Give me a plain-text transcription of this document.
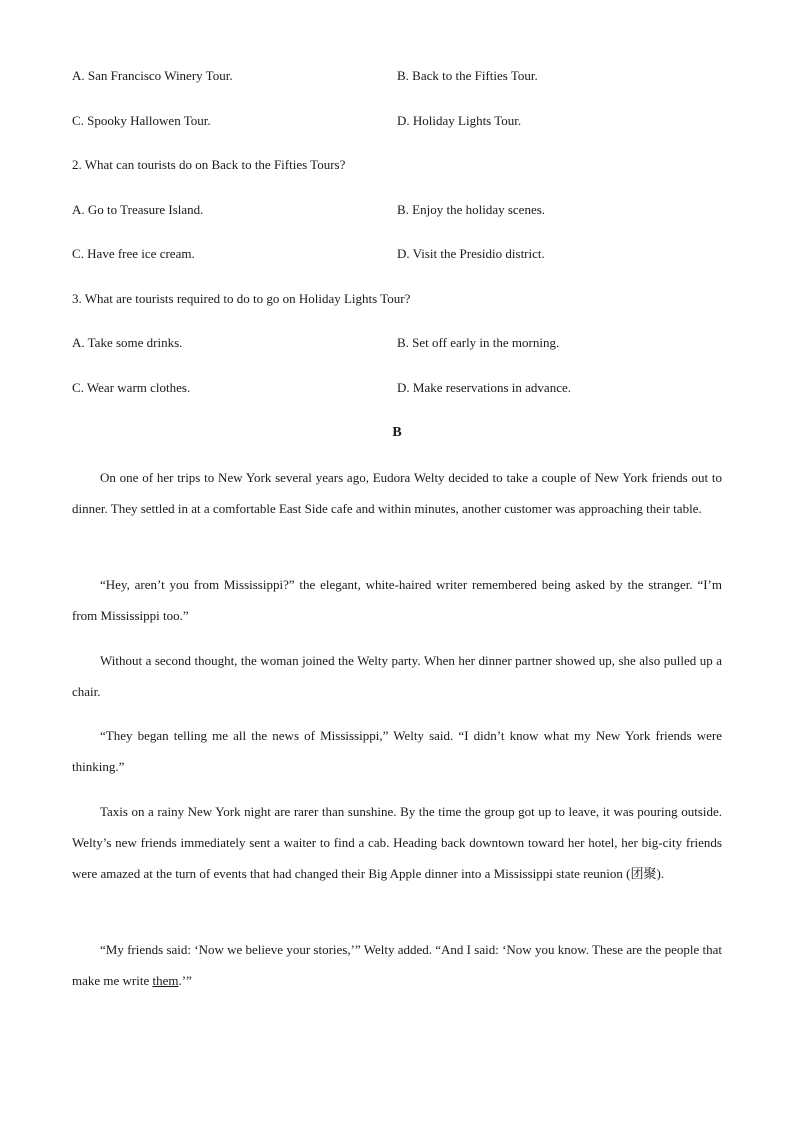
A. San Francisco Winery Tour.	B. Back to the Fifties Tour.
C. Spooky Hallowen Tour.	D. Holiday Lights Tour.
2. What can tourists do on Back to the Fifties Tours?
A. Go to Treasure Island.	B. Enjoy the holiday scenes.
C. Have free ice cream.	D. Visit the Presidio district.
3. What are tourists required to do to go on Holiday Lights Tour?
A. Take some drinks.	B. Set off early in the morning.
C. Wear warm clothes.	D. Make reservations in advance.
B
On one of her trips to New York several years ago, Eudora Welty decided to take a couple of New York friends out to dinner. They settled in at a comfortable East Side cafe and within minutes, another customer was approaching their table.
“Hey, aren’t you from Mississippi?” the elegant, white-haired writer remembered being asked by the stranger. “I’m from Mississippi too.”
Without a second thought, the woman joined the Welty party. When her dinner partner showed up, she also pulled up a chair.
“They began telling me all the news of Mississippi,” Welty said. “I didn’t know what my New York friends were thinking.”
Taxis on a rainy New York night are rarer than sunshine. By the time the group got up to leave, it was pouring outside. Welty’s new friends immediately sent a waiter to find a cab. Heading back downtown toward her hotel, her big-city friends were amazed at the turn of events that had changed their Big Apple dinner into a Mississippi state reunion (团聚).
“My friends said: ‘Now we believe your stories,’” Welty added. “And I said: ‘Now you know. These are the people that make me write them.’”
